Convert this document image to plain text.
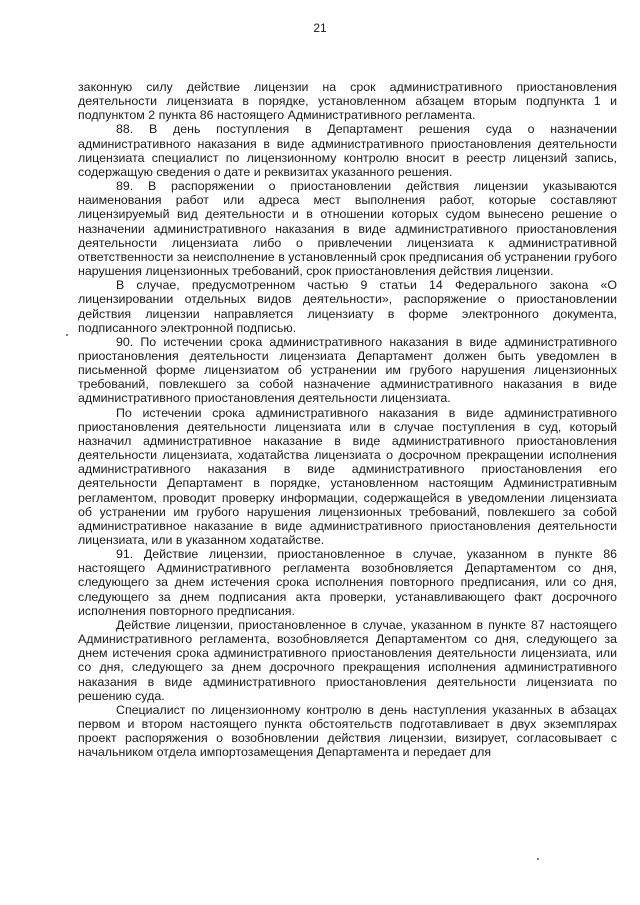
21

законную силу действие лицензии на срок административного приостановления деятельности лицензиата в порядке, установленном абзацем вторым подпункта 1 и подпунктом 2 пункта 86 настоящего Административного регламента.

88. В день поступления в Департамент решения суда о назначении административного наказания в виде административного приостановления деятельности лицензиата специалист по лицензионному контролю вносит в реестр лицензий запись, содержащую сведения о дате и реквизитах указанного решения.

89. В распоряжении о приостановлении действия лицензии указываются наименования работ или адреса мест выполнения работ, которые составляют лицензируемый вид деятельности и в отношении которых судом вынесено решение о назначении административного наказания в виде административного приостановления деятельности лицензиата либо о привлечении лицензиата к административной ответственности за неисполнение в установленный срок предписания об устранении грубого нарушения лицензионных требований, срок приостановления действия лицензии.

В случае, предусмотренном частью 9 статьи 14 Федерального закона «О лицензировании отдельных видов деятельности», распоряжение о приостановлении действия лицензии направляется лицензиату в форме электронного документа, подписанного электронной подписью.

90. По истечении срока административного наказания в виде административного приостановления деятельности лицензиата Департамент должен быть уведомлен в письменной форме лицензиатом об устранении им грубого нарушения лицензионных требований, повлекшего за собой назначение административного наказания в виде административного приостановления деятельности лицензиата.

По истечении срока административного наказания в виде административного приостановления деятельности лицензиата или в случае поступления в суд, который назначил административное наказание в виде административного приостановления деятельности лицензиата, ходатайства лицензиата о досрочном прекращении исполнения административного наказания в виде административного приостановления его деятельности Департамент в порядке, установленном настоящим Административным регламентом, проводит проверку информации, содержащейся в уведомлении лицензиата об устранении им грубого нарушения лицензионных требований, повлекшего за собой административное наказание в виде административного приостановления деятельности лицензиата, или в указанном ходатайстве.

91. Действие лицензии, приостановленное в случае, указанном в пункте 86 настоящего Административного регламента возобновляется Департаментом со дня, следующего за днем истечения срока исполнения повторного предписания, или со дня, следующего за днем подписания акта проверки, устанавливающего факт досрочного исполнения повторного предписания.

Действие лицензии, приостановленное в случае, указанном в пункте 87 настоящего Административного регламента, возобновляется Департаментом со дня, следующего за днем истечения срока административного приостановления деятельности лицензиата, или со дня, следующего за днем досрочного прекращения исполнения административного наказания в виде административного приостановления деятельности лицензиата по решению суда.

Специалист по лицензионному контролю в день наступления указанных в абзацах первом и втором настоящего пункта обстоятельств подготавливает в двух экземплярах проект распоряжения о возобновлении действия лицензии, визирует, согласовывает с начальником отдела импортозамещения Департамента и передает для
